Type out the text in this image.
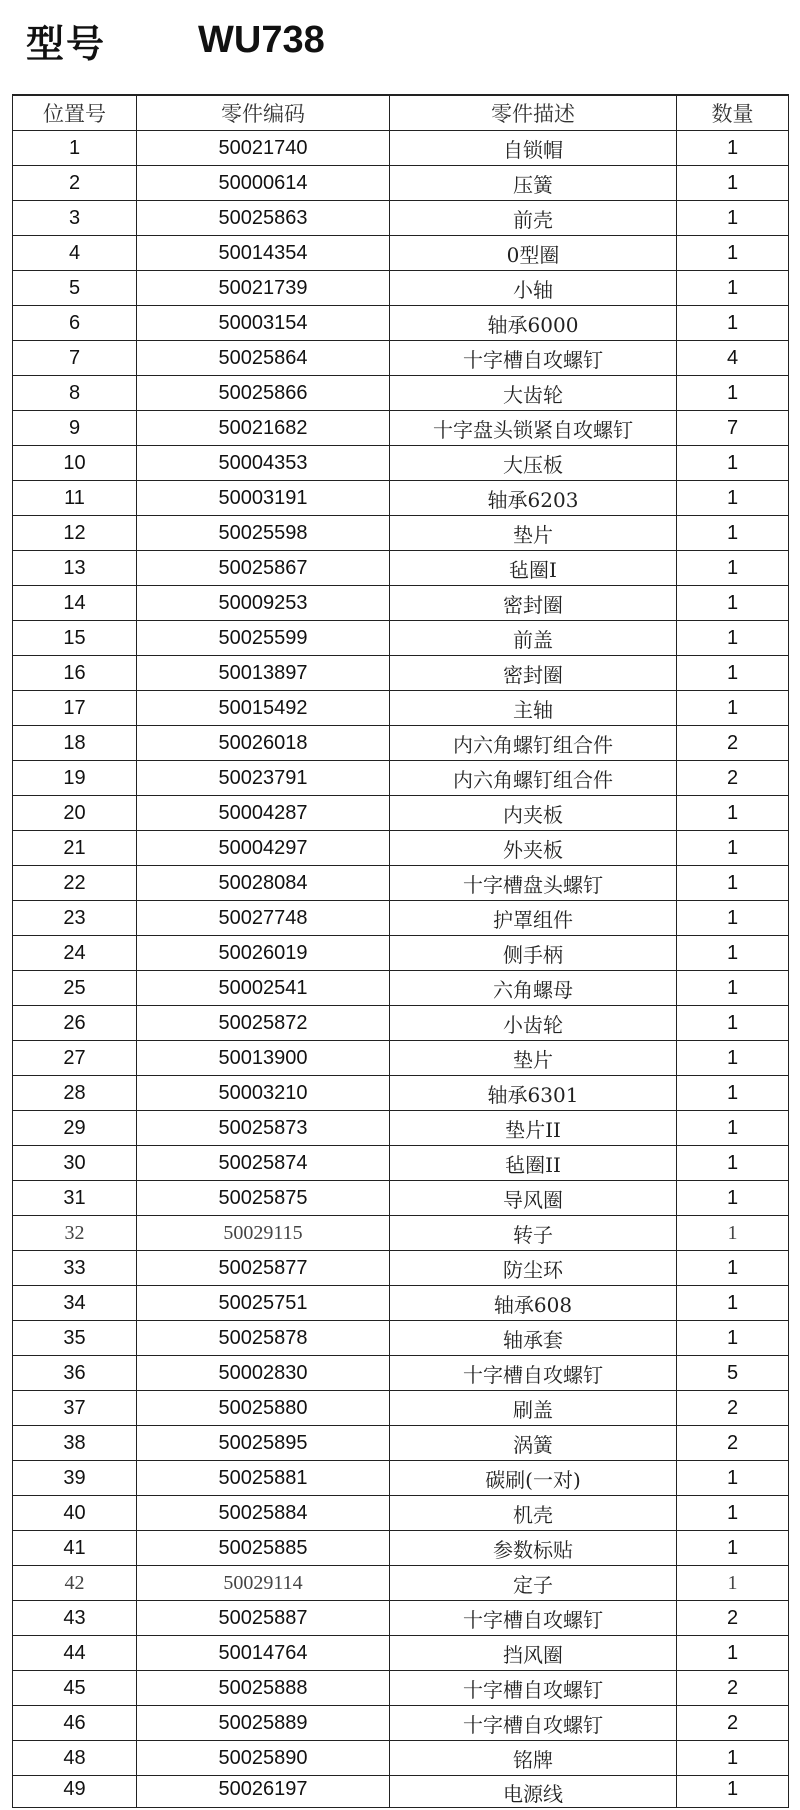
型号 WU738
位置号	零件编码	零件描述	数量
1	50021740	自锁帽	1
2	50000614	压簧	1
3	50025863	前壳	1
4	50014354	0型圈	1
5	50021739	小轴	1
6	50003154	轴承6000	1
7	50025864	十字槽自攻螺钉	4
8	50025866	大齿轮	1
9	50021682	十字盘头锁紧自攻螺钉	7
10	50004353	大压板	1
11	50003191	轴承6203	1
12	50025598	垫片	1
13	50025867	毡圈Ⅰ	1
14	50009253	密封圈	1
15	50025599	前盖	1
16	50013897	密封圈	1
17	50015492	主轴	1
18	50026018	内六角螺钉组合件	2
19	50023791	内六角螺钉组合件	2
20	50004287	内夹板	1
21	50004297	外夹板	1
22	50028084	十字槽盘头螺钉	1
23	50027748	护罩组件	1
24	50026019	侧手柄	1
25	50002541	六角螺母	1
26	50025872	小齿轮	1
27	50013900	垫片	1
28	50003210	轴承6301	1
29	50025873	垫片II	1
30	50025874	毡圈II	1
31	50025875	导风圈	1
32	50029115	转子	1
33	50025877	防尘环	1
34	50025751	轴承608	1
35	50025878	轴承套	1
36	50002830	十字槽自攻螺钉	5
37	50025880	刷盖	2
38	50025895	涡簧	2
39	50025881	碳刷(一对)	1
40	50025884	机壳	1
41	50025885	参数标贴	1
42	50029114	定子	1
43	50025887	十字槽自攻螺钉	2
44	50014764	挡风圈	1
45	50025888	十字槽自攻螺钉	2
46	50025889	十字槽自攻螺钉	2
48	50025890	铭牌	1
49	50026197	电源线	1
